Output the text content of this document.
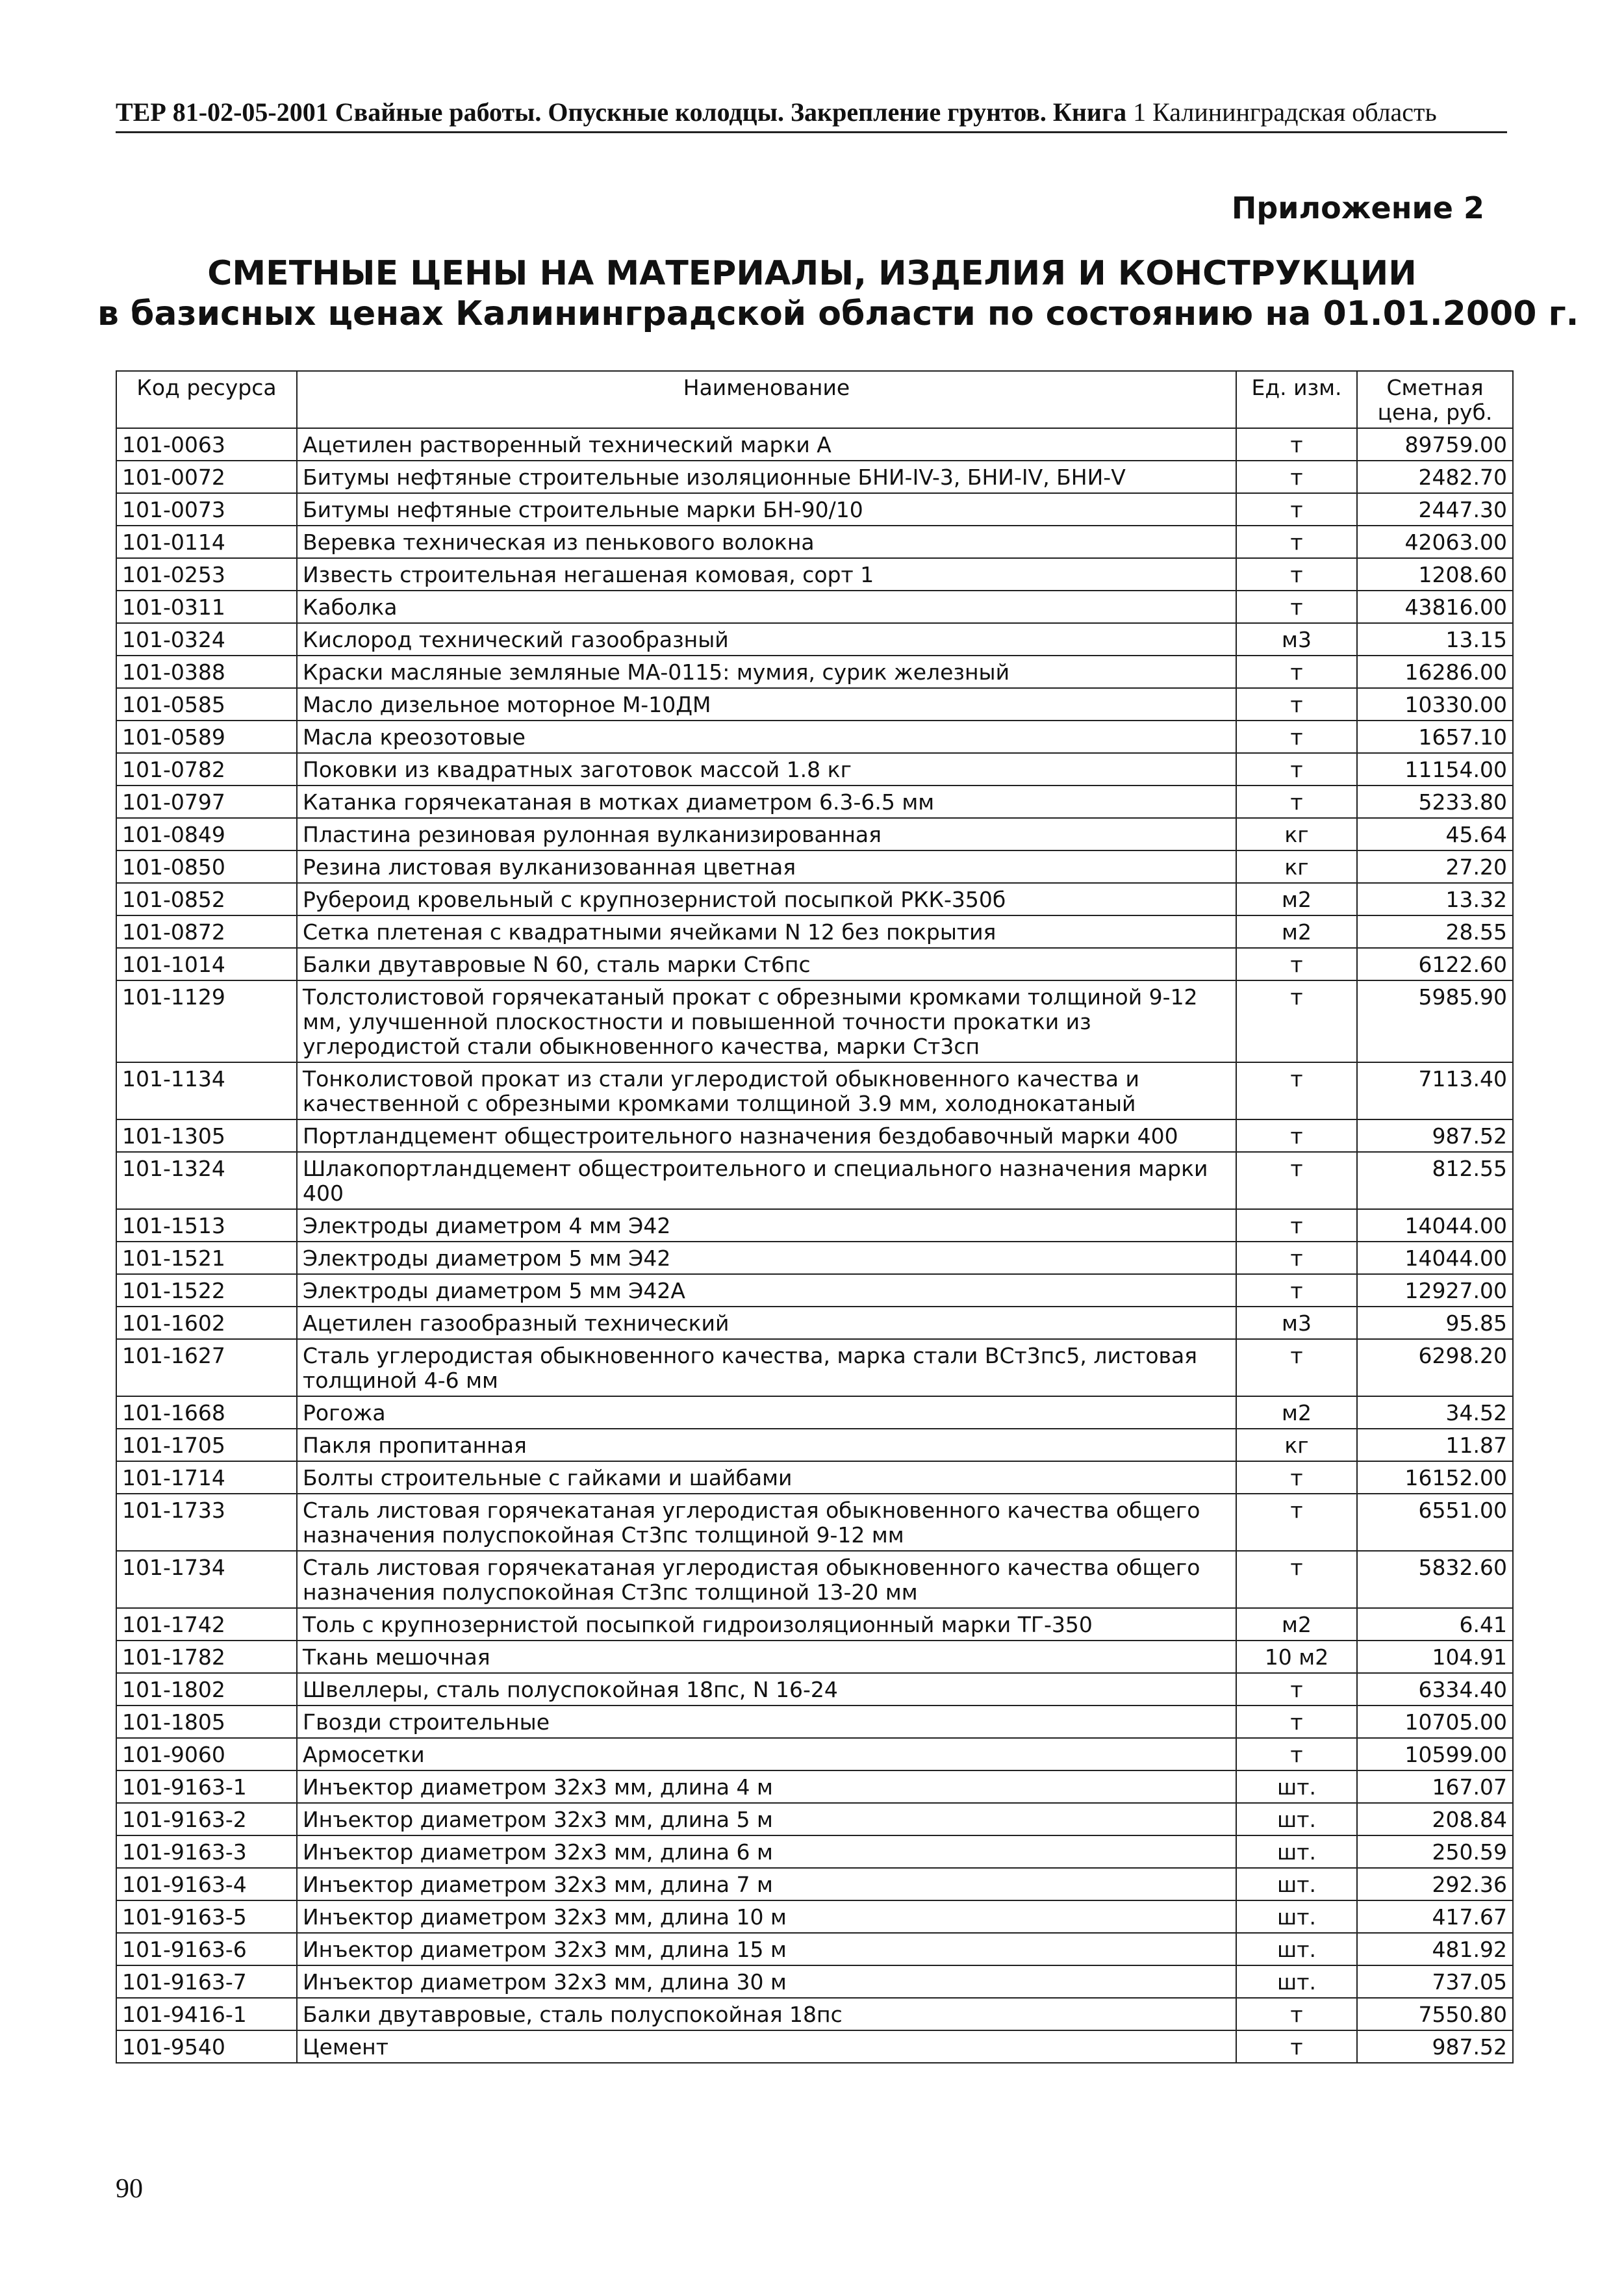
ТЕР 81-02-05-2001 Свайные работы. Опускные колодцы. Закрепление грунтов. Книга 1 Калининградская область
Приложение 2
СМЕТНЫЕ ЦЕНЫ НА МАТЕРИАЛЫ, ИЗДЕЛИЯ И КОНСТРУКЦИИ
в базисных ценах Калининградской области по состоянию на 01.01.2000 г.
Код ресурса	Наименование	Ед. изм.	Сметная цена, руб.
101-0063	Ацетилен растворенный технический марки А	т	89759.00
101-0072	Битумы нефтяные строительные изоляционные БНИ-IV-3, БНИ-IV, БНИ-V	т	2482.70
101-0073	Битумы нефтяные строительные марки БН-90/10	т	2447.30
101-0114	Веревка техническая из пенькового волокна	т	42063.00
101-0253	Известь строительная негашеная комовая, сорт 1	т	1208.60
101-0311	Каболка	т	43816.00
101-0324	Кислород технический газообразный	м3	13.15
101-0388	Краски масляные земляные МА-0115: мумия, сурик железный	т	16286.00
101-0585	Масло дизельное моторное М-10ДМ	т	10330.00
101-0589	Масла креозотовые	т	1657.10
101-0782	Поковки из квадратных заготовок массой 1.8 кг	т	11154.00
101-0797	Катанка горячекатаная в мотках диаметром 6.3-6.5 мм	т	5233.80
101-0849	Пластина резиновая рулонная вулканизированная	кг	45.64
101-0850	Резина листовая вулканизованная цветная	кг	27.20
101-0852	Рубероид кровельный с крупнозернистой посыпкой РКК-350б	м2	13.32
101-0872	Сетка плетеная с квадратными ячейками N 12 без покрытия	м2	28.55
101-1014	Балки двутавровые N 60, сталь марки Ст6пс	т	6122.60
101-1129	Толстолистовой горячекатаный прокат с обрезными кромками толщиной 9-12 мм, улучшенной плоскостности и повышенной точности прокатки из углеродистой стали обыкновенного качества, марки Ст3сп	т	5985.90
101-1134	Тонколистовой прокат из стали углеродистой обыкновенного качества и качественной с обрезными кромками толщиной 3.9 мм, холоднокатаный	т	7113.40
101-1305	Портландцемент общестроительного назначения бездобавочный марки 400	т	987.52
101-1324	Шлакопортландцемент общестроительного и специального назначения марки 400	т	812.55
101-1513	Электроды диаметром 4 мм Э42	т	14044.00
101-1521	Электроды диаметром 5 мм Э42	т	14044.00
101-1522	Электроды диаметром 5 мм Э42А	т	12927.00
101-1602	Ацетилен газообразный технический	м3	95.85
101-1627	Сталь углеродистая обыкновенного качества, марка стали ВСт3пс5, листовая толщиной 4-6 мм	т	6298.20
101-1668	Рогожа	м2	34.52
101-1705	Пакля пропитанная	кг	11.87
101-1714	Болты строительные с гайками и шайбами	т	16152.00
101-1733	Сталь листовая горячекатаная углеродистая обыкновенного качества общего назначения полуспокойная Ст3пс толщиной 9-12 мм	т	6551.00
101-1734	Сталь листовая горячекатаная углеродистая обыкновенного качества общего назначения полуспокойная Ст3пс толщиной 13-20 мм	т	5832.60
101-1742	Толь с крупнозернистой посыпкой гидроизоляционный марки ТГ-350	м2	6.41
101-1782	Ткань мешочная	10 м2	104.91
101-1802	Швеллеры, сталь полуспокойная 18пс, N 16-24	т	6334.40
101-1805	Гвозди строительные	т	10705.00
101-9060	Армосетки	т	10599.00
101-9163-1	Инъектор диаметром 32х3 мм, длина 4 м	шт.	167.07
101-9163-2	Инъектор диаметром 32х3 мм, длина 5 м	шт.	208.84
101-9163-3	Инъектор диаметром 32х3 мм, длина 6 м	шт.	250.59
101-9163-4	Инъектор диаметром 32х3 мм, длина 7 м	шт.	292.36
101-9163-5	Инъектор диаметром 32х3 мм, длина 10 м	шт.	417.67
101-9163-6	Инъектор диаметром 32х3 мм, длина 15 м	шт.	481.92
101-9163-7	Инъектор диаметром 32х3 мм, длина 30 м	шт.	737.05
101-9416-1	Балки двутавровые, сталь полуспокойная 18пс	т	7550.80
101-9540	Цемент	т	987.52
90
